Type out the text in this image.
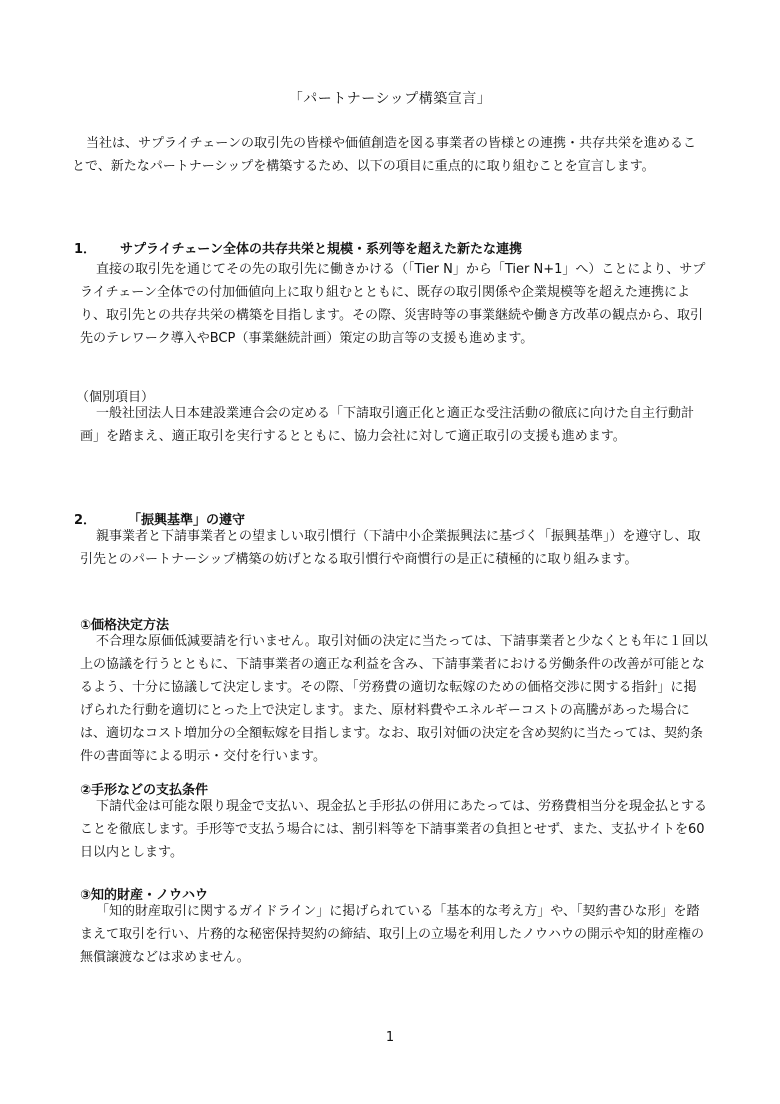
「パートナーシップ構築宣言」

当社は、サプライチェーンの取引先の皆様や価値創造を図る事業者の皆様との連携・共存共栄を進めることで、新たなパートナーシップを構築するため、以下の項目に重点的に取り組むことを宣言します。

1． サプライチェーン全体の共存共栄と規模・系列等を超えた新たな連携

直接の取引先を通じてその先の取引先に働きかける（「Tier N」から「Tier N+1」へ）ことにより、サプライチェーン全体での付加価値向上に取り組むとともに、既存の取引関係や企業規模等を超えた連携により、取引先との共存共栄の構築を目指します。その際、災害時等の事業継続や働き方改革の観点から、取引先のテレワーク導入やBCP（事業継続計画）策定の助言等の支援も進めます。

（個別項目）

一般社団法人日本建設業連合会の定める「下請取引適正化と適正な受注活動の徹底に向けた自主行動計画」を踏まえ、適正取引を実行するとともに、協力会社に対して適正取引の支援も進めます。

2． 「振興基準」の遵守

親事業者と下請事業者との望ましい取引慣行（下請中小企業振興法に基づく「振興基準」）を遵守し、取引先とのパートナーシップ構築の妨げとなる取引慣行や商慣行の是正に積極的に取り組みます。

①価格決定方法

不合理な原価低減要請を行いません。取引対価の決定に当たっては、下請事業者と少なくとも年に１回以上の協議を行うとともに、下請事業者の適正な利益を含み、下請事業者における労働条件の改善が可能となるよう、十分に協議して決定します。その際、「労務費の適切な転嫁のための価格交渉に関する指針」に掲げられた行動を適切にとった上で決定します。また、原材料費やエネルギーコストの高騰があった場合には、適切なコスト増加分の全額転嫁を目指します。なお、取引対価の決定を含め契約に当たっては、契約条件の書面等による明示・交付を行います。

②手形などの支払条件

下請代金は可能な限り現金で支払い、現金払と手形払の併用にあたっては、労務費相当分を現金払とすることを徹底します。手形等で支払う場合には、割引料等を下請事業者の負担とせず、また、支払サイトを60日以内とします。

③知的財産・ノウハウ

「知的財産取引に関するガイドライン」に掲げられている「基本的な考え方」や、「契約書ひな形」を踏まえて取引を行い、片務的な秘密保持契約の締結、取引上の立場を利用したノウハウの開示や知的財産権の無償譲渡などは求めません。

1
